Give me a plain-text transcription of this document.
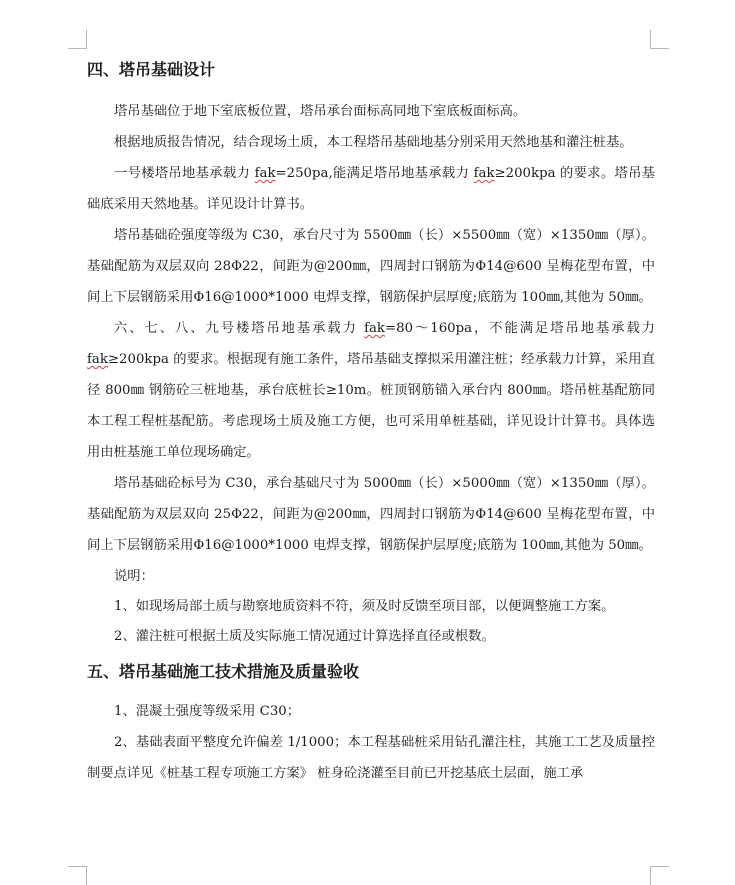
四、塔吊基础设计

塔吊基础位于地下室底板位置，塔吊承台面标高同地下室底板面标高。

根据地质报告情况，结合现场土质，本工程塔吊基础地基分别采用天然地基和灌注桩基。

一号楼塔吊地基承载力 fak=250pa,能满足塔吊地基承载力 fak≥200kpa 的要求。塔吊基础底采用天然地基。详见设计计算书。

塔吊基础砼强度等级为 C30，承台尺寸为 5500㎜（长）×5500㎜（宽）×1350㎜（厚）。基础配筋为双层双向 28Φ22，间距为@200㎜，四周封口钢筋为Φ14@600 呈梅花型布置，中间上下层钢筋采用Φ16@1000*1000 电焊支撑，钢筋保护层厚度;底筋为 100㎜,其他为 50㎜。

六、七、八、九号楼塔吊地基承载力 fak=80～160pa，不能满足塔吊地基承载力 fak≥200kpa 的要求。根据现有施工条件，塔吊基础支撑拟采用灌注桩；经承载力计算，采用直径 800㎜ 钢筋砼三桩地基，承台底桩长≥10m。桩顶钢筋锚入承台内 800㎜。塔吊桩基配筋同本工程工程桩基配筋。考虑现场土质及施工方便，也可采用单桩基础，详见设计计算书。具体选用由桩基施工单位现场确定。

塔吊基础砼标号为 C30，承台基础尺寸为 5000㎜（长）×5000㎜（宽）×1350㎜（厚）。基础配筋为双层双向 25Φ22，间距为@200㎜，四周封口钢筋为Φ14@600 呈梅花型布置，中间上下层钢筋采用Φ16@1000*1000 电焊支撑，钢筋保护层厚度;底筋为 100㎜,其他为 50㎜。

说明：

1、如现场局部土质与勘察地质资料不符，须及时反馈至项目部，以便调整施工方案。

2、灌注桩可根据土质及实际施工情况通过计算选择直径或根数。

五、塔吊基础施工技术措施及质量验收

1、混凝土强度等级采用 C30；

2、基础表面平整度允许偏差 1/1000；本工程基础桩采用钻孔灌注柱，其施工工艺及质量控制要点详见《桩基工程专项施工方案》 桩身砼浇灌至目前已开挖基底土层面，施工承
